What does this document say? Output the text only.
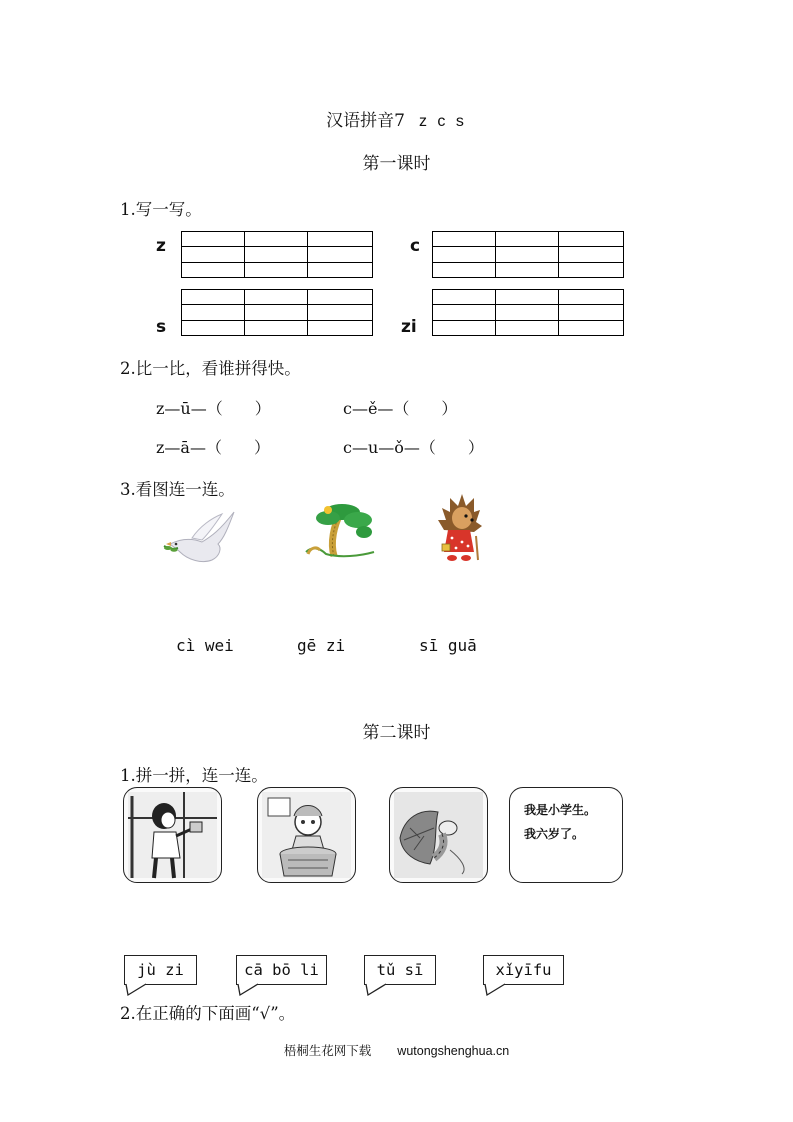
汉语拼音7 z c s
第一课时
1.写一写。
z	c
s	zi
2.比一比，看谁拼得快。
z—ū—（　　）	c—ě—（　　）
z—ā—（　　）	c—u—ǒ—（　　）
3.看图连一连。
cì wei	gē zi	sī guā
第二课时
1.拼一拼，连一连。
我是小学生。
我六岁了。
jù zi	cā bō li	tǔ sī	xǐyīfu
2.在正确的下面画“√”。
梧桐生花网下载 wutongshenghua.cn
